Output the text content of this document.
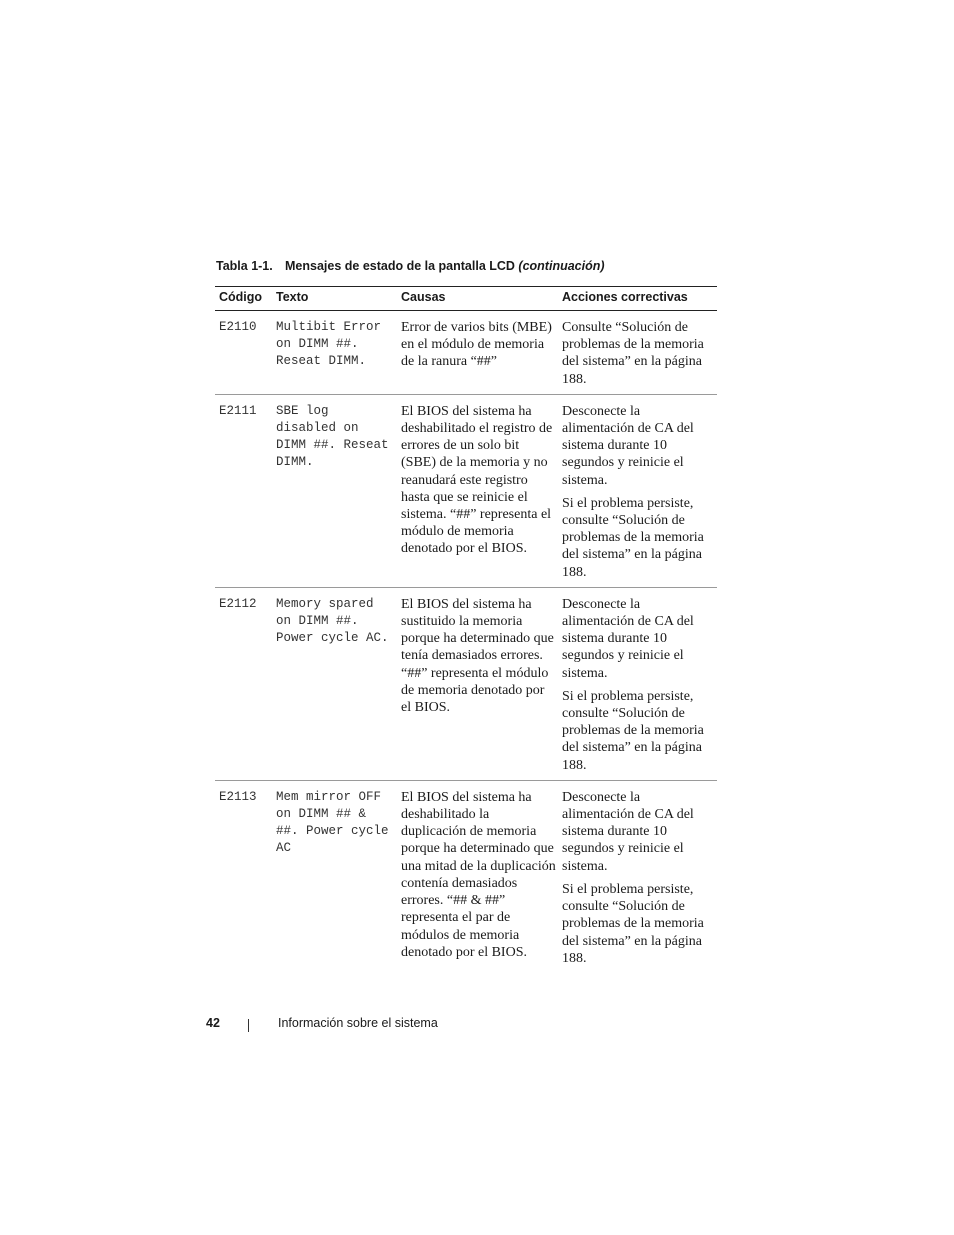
Tabla 1-1. Mensajes de estado de la pantalla LCD (continuación)
Código	Texto	Causas	Acciones correctivas
E2110	Multibit Error on DIMM ##. Reseat DIMM.	Error de varios bits (MBE) en el módulo de memoria de la ranura “##”	Consulte “Solución de problemas de la memoria del sistema” en la página 188.

E2111	SBE log disabled on DIMM ##. Reseat DIMM.	El BIOS del sistema ha deshabilitado el registro de errores de un solo bit (SBE) de la memoria y no reanudará este registro hasta que se reinicie el sistema. “##” representa el módulo de memoria denotado por el BIOS.	Desconecte la alimentación de CA del sistema durante 10 segundos y reinicie el sistema.
Si el problema persiste, consulte “Solución de problemas de la memoria del sistema” en la página 188.

E2112	Memory spared on DIMM ##. Power cycle AC.	El BIOS del sistema ha sustituido la memoria porque ha determinado que tenía demasiados errores. “##” representa el módulo de memoria denotado por el BIOS.	Desconecte la alimentación de CA del sistema durante 10 segundos y reinicie el sistema.
Si el problema persiste, consulte “Solución de problemas de la memoria del sistema” en la página 188.

E2113	Mem mirror OFF on DIMM ## & ##. Power cycle AC	El BIOS del sistema ha deshabilitado la duplicación de memoria porque ha determinado que una mitad de la duplicación contenía demasiados errores. “## & ##” representa el par de módulos de memoria denotado por el BIOS.	Desconecte la alimentación de CA del sistema durante 10 segundos y reinicie el sistema.
Si el problema persiste, consulte “Solución de problemas de la memoria del sistema” en la página 188.
42	Información sobre el sistema
